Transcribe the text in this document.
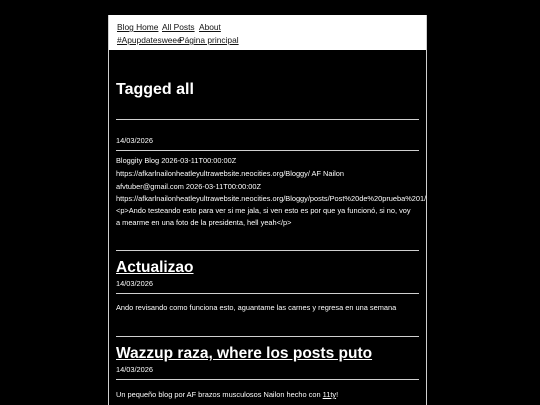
Blog Home All Posts About
#Apupdatesweee
Página principal
Tagged all
14/03/2026
Bloggity Blog 2026-03-11T00:00:00Z
https://afkarlnailonheatleyultrawebsite.neocities.org/Bloggy/ AF Nailon
afvtuber@gmail.com 2026-03-11T00:00:00Z
https://afkarlnailonheatleyultrawebsite.neocities.org/Bloggy/posts/Post%20de%20prueba%201/
<p>Ando testeando esto para ver si me jala, si ven esto es por que ya funcionó, si no, voy
a mearme en una foto de la presidenta, hell yeah</p>
Actualizao
14/03/2026
Ando revisando como funciona esto, aguantame las carnes y regresa en una semana
Wazzup raza, where los posts puto
14/03/2026
Un pequeño blog por AF brazos musculosos Nailon hecho con 11ty!
